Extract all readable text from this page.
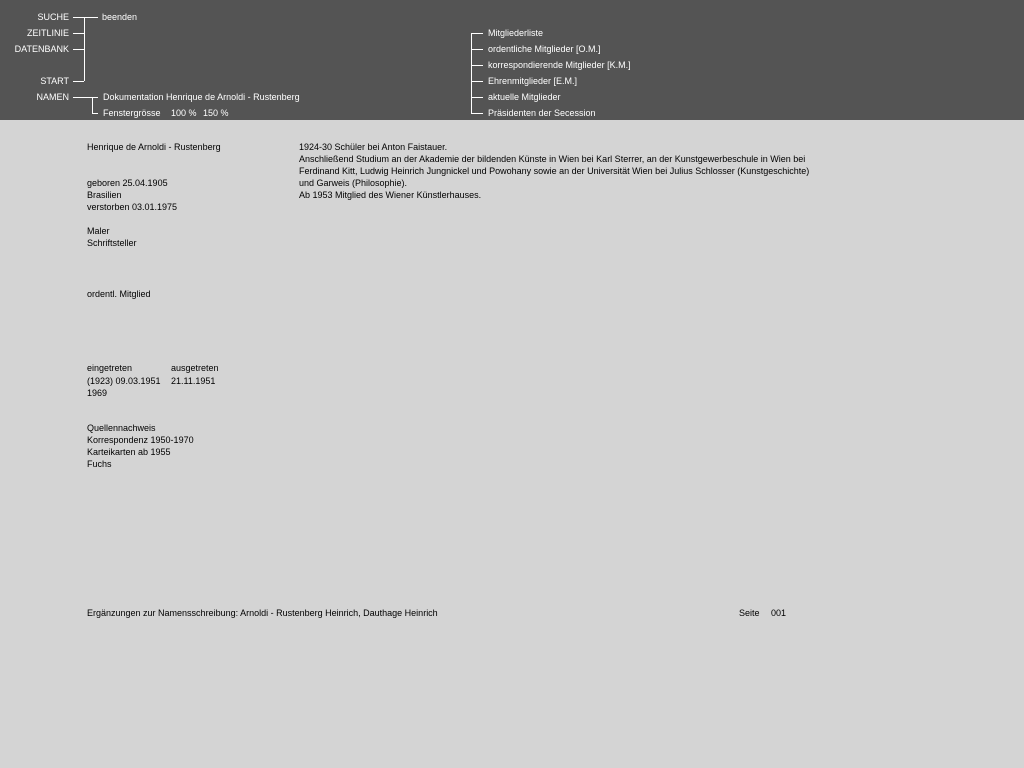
SUCHE
ZEITLINIE
DATENBANK
START
NAMEN
beenden
Dokumentation Henrique de Arnoldi - Rustenberg
Fenstergrösse 100 % 150 %
Mitgliederliste
ordentliche Mitglieder [O.M.]
korrespondierende Mitglieder [K.M.]
Ehrenmitglieder [E.M.]
aktuelle Mitglieder
Präsidenten der Secession
Henrique de Arnoldi - Rustenberg
geboren 25.04.1905
Brasilien
verstorben 03.01.1975
Maler
Schriftsteller
ordentl. Mitglied
eingetreten	ausgetreten
(1923) 09.03.1951 21.11.1951
1969
Quellennachweis
Korrespondenz 1950-1970
Karteikarten ab 1955
Fuchs
1924-30 Schüler bei Anton Faistauer.
Anschließend Studium an der Akademie der bildenden Künste in Wien bei Karl Sterrer, an der Kunstgewerbeschule in Wien bei
Ferdinand Kitt, Ludwig Heinrich Jungnickel und Powohany sowie an der Universität Wien bei Julius Schlosser (Kunstgeschichte)
und Garweis (Philosophie).
Ab 1953 Mitglied des Wiener Künstlerhauses.
Ergänzungen zur Namensschreibung: Arnoldi - Rustenberg Heinrich, Dauthage Heinrich	Seite 001
